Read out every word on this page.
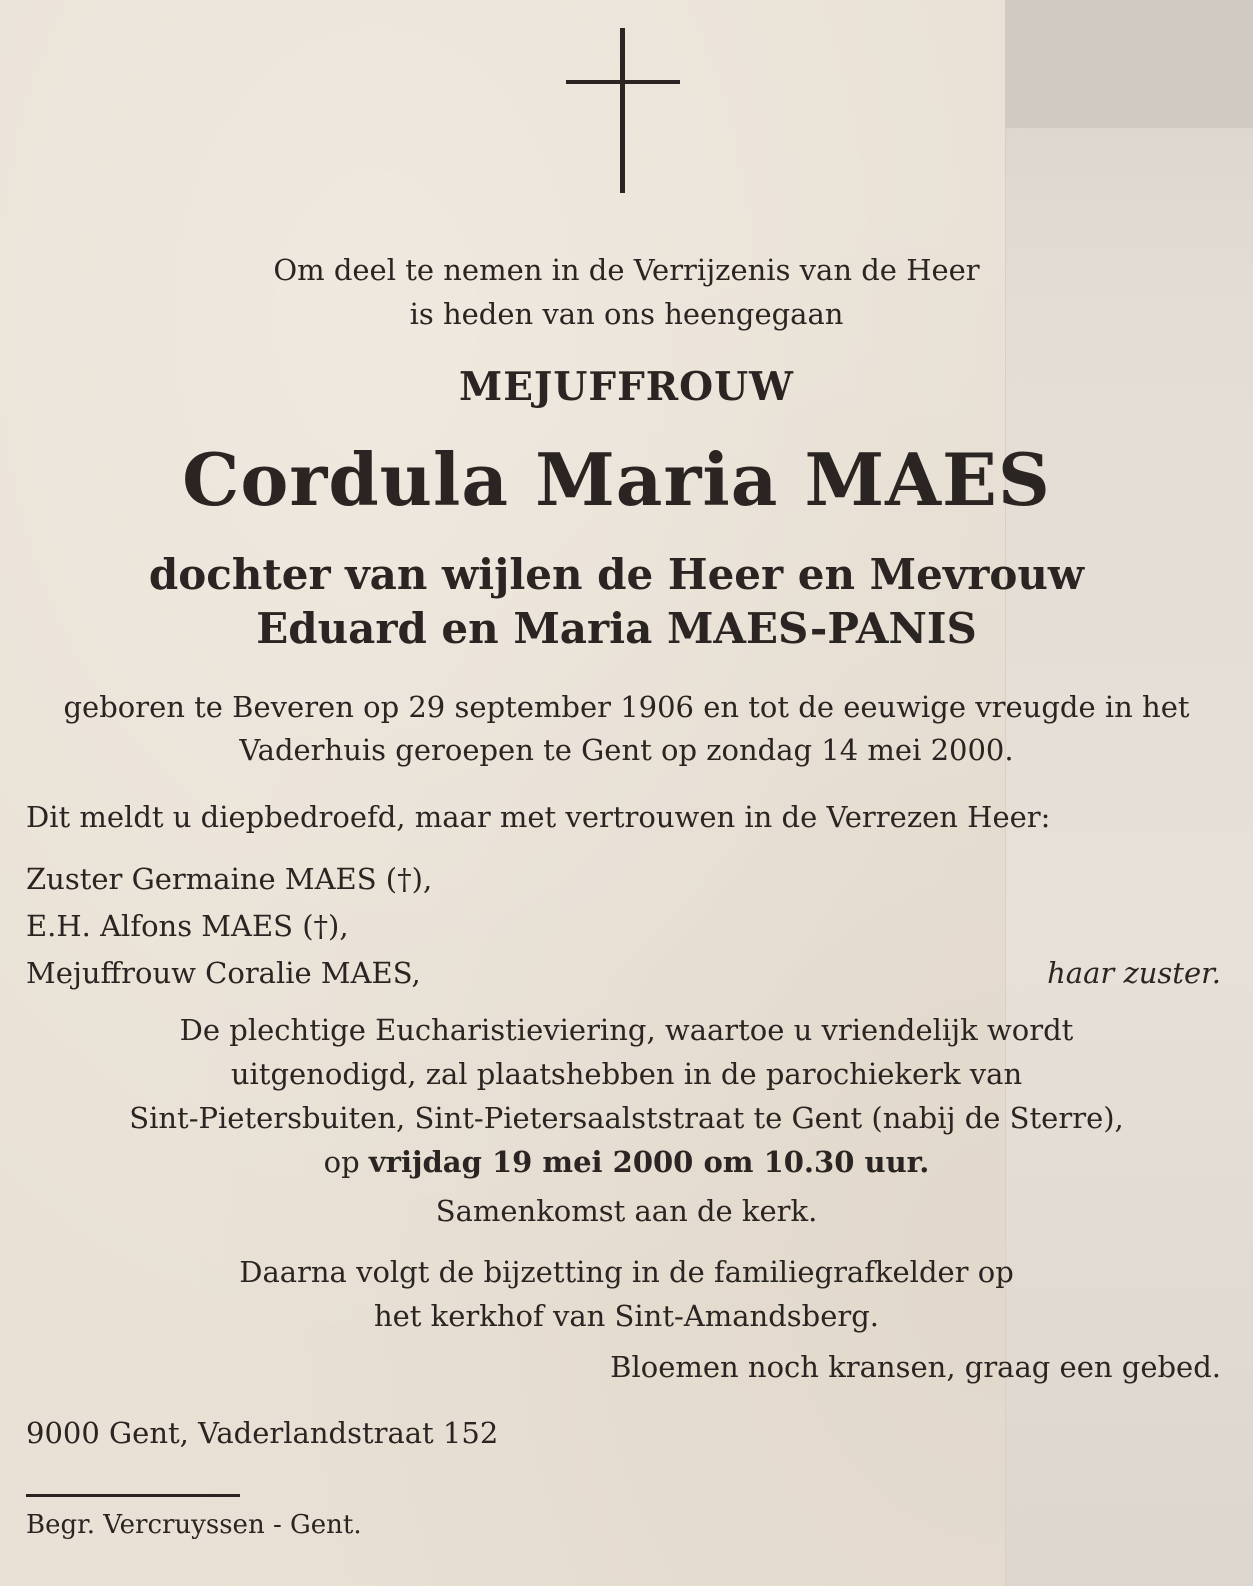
Om deel te nemen in de Verrijzenis van de Heer
is heden van ons heengegaan
MEJUFFROUW
Cordula Maria MAES
dochter van wijlen de Heer en Mevrouw
Eduard en Maria MAES-PANIS
geboren te Beveren op 29 september 1906 en tot de eeuwige vreugde in het
Vaderhuis geroepen te Gent op zondag 14 mei 2000.
Dit meldt u diepbedroefd, maar met vertrouwen in de Verrezen Heer:
Zuster Germaine MAES (†),
E.H. Alfons MAES (†),
Mejuffrouw Coralie MAES,	haar zuster.
De plechtige Eucharistieviering, waartoe u vriendelijk wordt
uitgenodigd, zal plaatshebben in de parochiekerk van
Sint-Pietersbuiten, Sint-Pietersaalststraat te Gent (nabij de Sterre),
op vrijdag 19 mei 2000 om 10.30 uur.
Samenkomst aan de kerk.
Daarna volgt de bijzetting in de familiegrafkelder op
het kerkhof van Sint-Amandsberg.
Bloemen noch kransen, graag een gebed.
9000 Gent, Vaderlandstraat 152
Begr. Vercruyssen - Gent.
